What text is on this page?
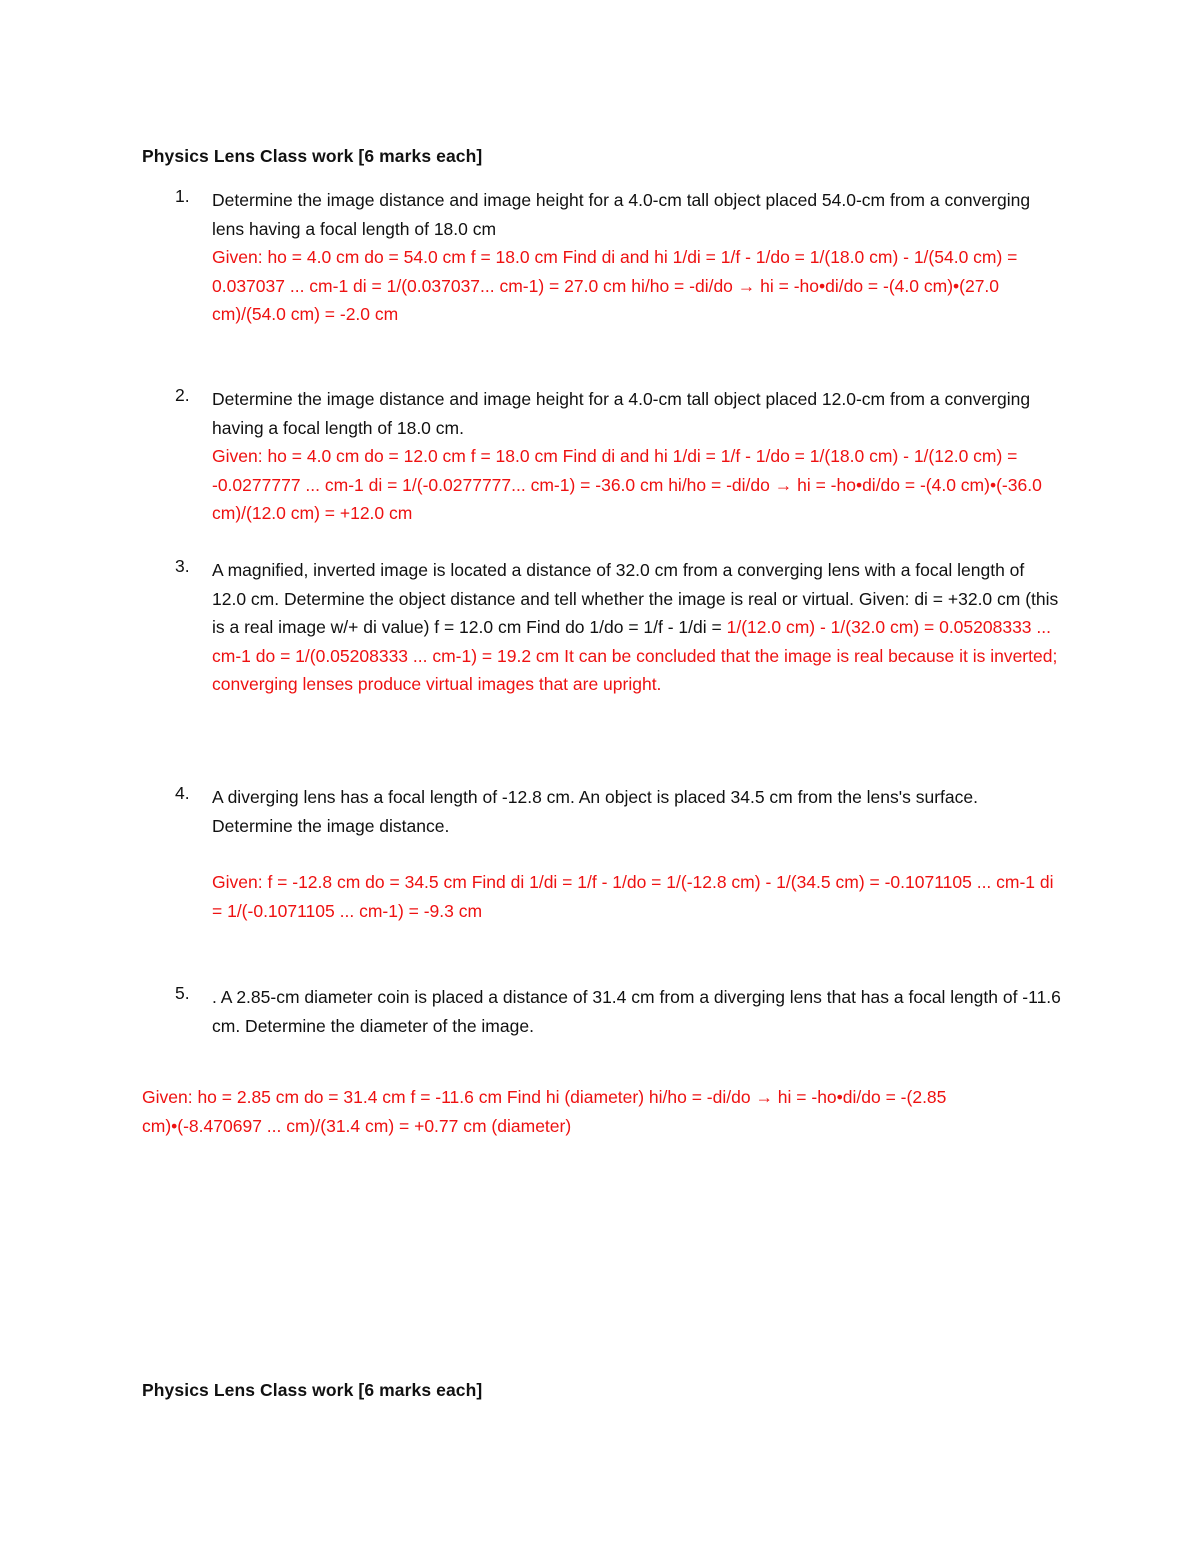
Physics Lens Class work [6 marks each]
1.	Determine the image distance and image height for a 4.0-cm tall object placed 54.0-cm from a converging lens having a focal length of 18.0 cm

Given: ho = 4.0 cm do = 54.0 cm f = 18.0 cm Find di and hi 1/di = 1/f - 1/do = 1/(18.0 cm) - 1/(54.0 cm) = 0.037037 ... cm-1 di = 1/(0.037037... cm-1) = 27.0 cm hi/ho = -di/do → hi = -ho•di/do = -(4.0 cm)•(27.0 cm)/(54.0 cm) = -2.0 cm

2.	Determine the image distance and image height for a 4.0-cm tall object placed 12.0-cm from a converging having a focal length of 18.0 cm.

Given: ho = 4.0 cm do = 12.0 cm f = 18.0 cm Find di and hi 1/di = 1/f - 1/do = 1/(18.0 cm) - 1/(12.0 cm) = -0.0277777 ... cm-1 di = 1/(-0.0277777... cm-1) = -36.0 cm hi/ho = -di/do → hi = -ho•di/do = -(4.0 cm)•(-36.0 cm)/(12.0 cm) = +12.0 cm

3.	A magnified, inverted image is located a distance of 32.0 cm from a converging lens with a focal length of 12.0 cm. Determine the object distance and tell whether the image is real or virtual. Given: di = +32.0 cm (this is a real image w/+ di value) f = 12.0 cm Find do 1/do = 1/f - 1/di = 1/(12.0 cm) - 1/(32.0 cm) = 0.05208333 ... cm-1 do = 1/(0.05208333 ... cm-1) = 19.2 cm It can be concluded that the image is real because it is inverted; converging lenses produce virtual images that are upright.

4.	A diverging lens has a focal length of -12.8 cm. An object is placed 34.5 cm from the lens's surface. Determine the image distance.

Given: f = -12.8 cm do = 34.5 cm Find di 1/di = 1/f - 1/do = 1/(-12.8 cm) - 1/(34.5 cm) = -0.1071105 ... cm-1 di = 1/(-0.1071105 ... cm-1) = -9.3 cm

5.	. A 2.85-cm diameter coin is placed a distance of 31.4 cm from a diverging lens that has a focal length of -11.6 cm. Determine the diameter of the image.

Given: ho = 2.85 cm do = 31.4 cm f = -11.6 cm Find hi (diameter) hi/ho = -di/do → hi = -ho•di/do = -(2.85 cm)•(-8.470697 ... cm)/(31.4 cm) = +0.77 cm (diameter)
Physics Lens Class work [6 marks each]
